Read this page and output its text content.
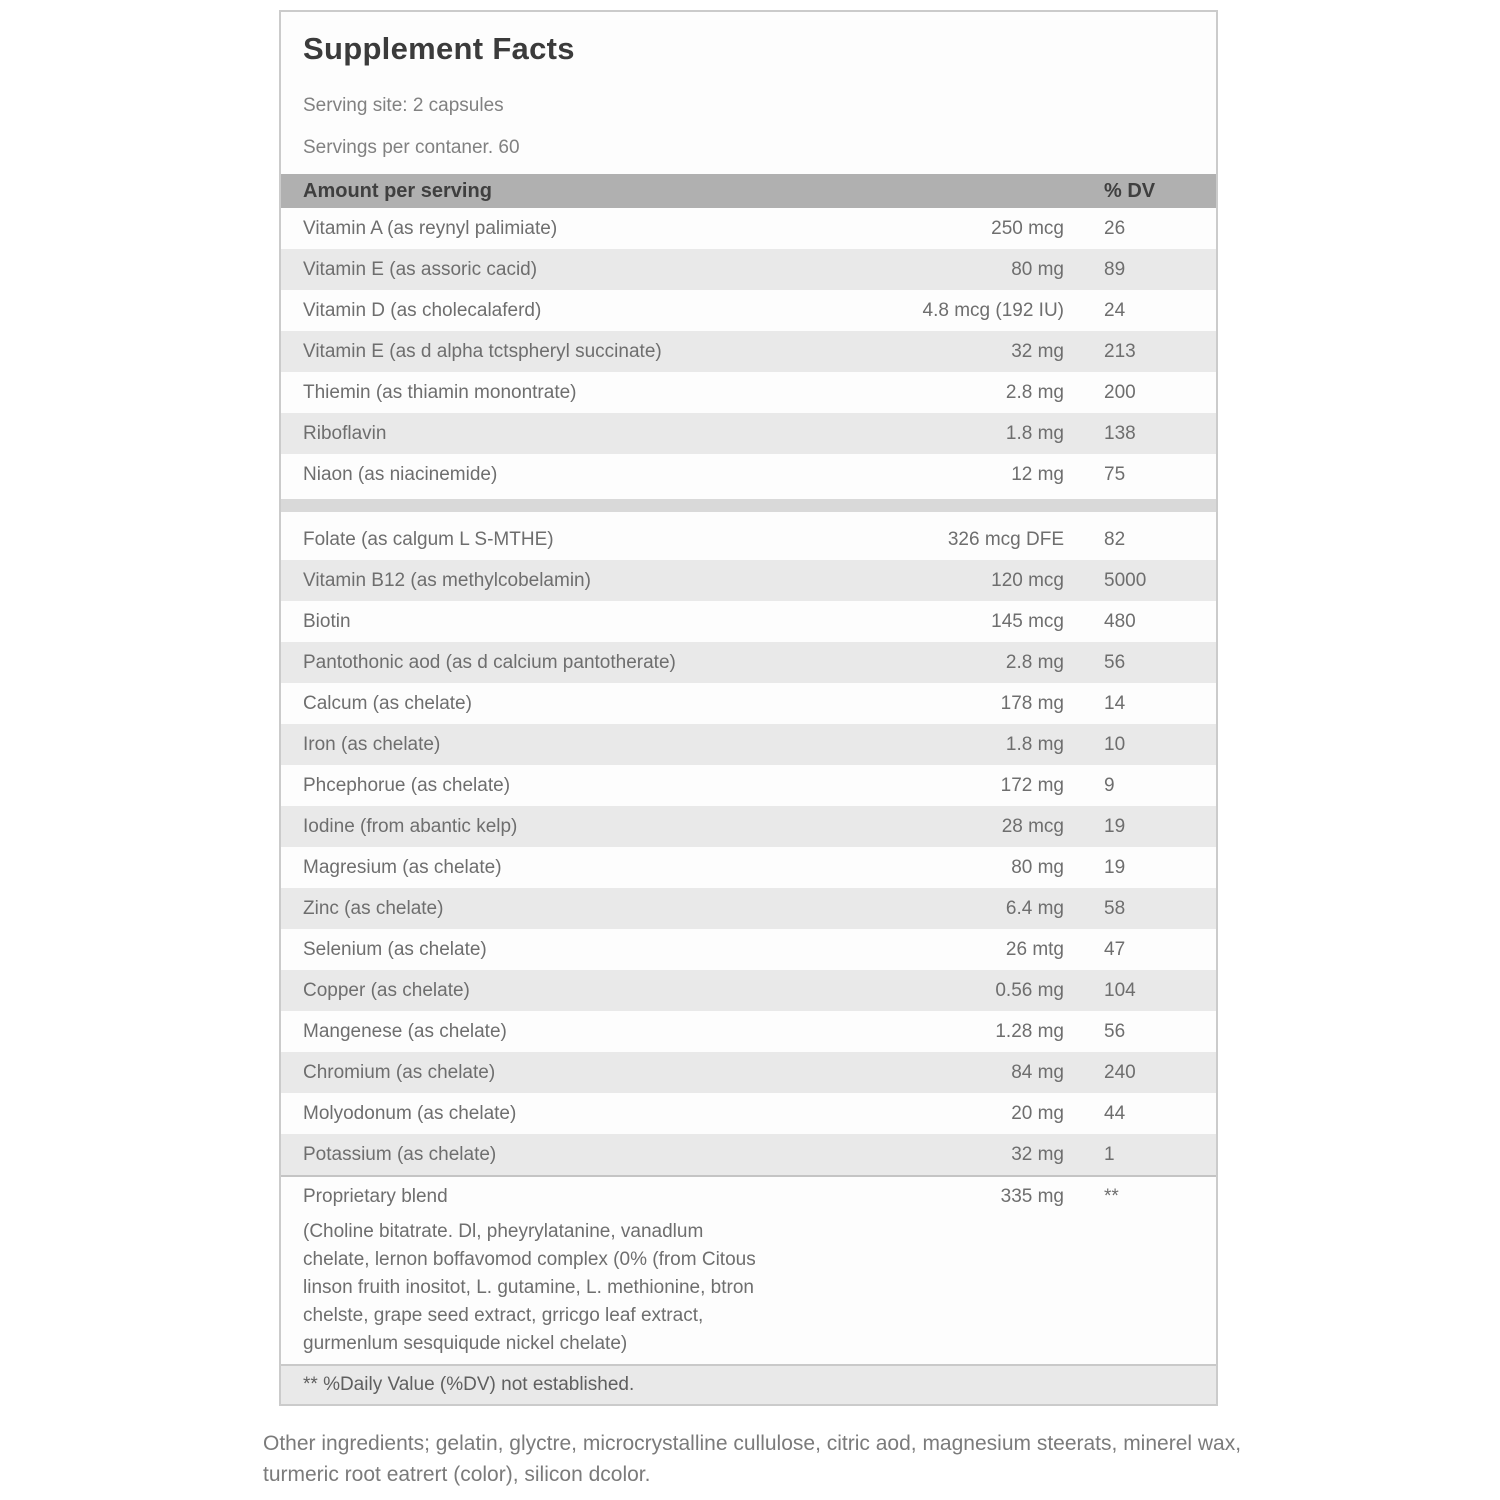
Supplement Facts
Serving site: 2 capsules
Servings per contaner. 60
Amount per serving	% DV
Vitamin A (as reynyl palimiate)	250 mcg	26
Vitamin E (as assoric cacid)	80 mg	89
Vitamin D (as cholecalaferd)	4.8 mcg (192 IU)	24
Vitamin E (as d alpha tctspheryl succinate)	32 mg	213
Thiemin (as thiamin monontrate)	2.8 mg	200
Riboflavin	1.8 mg	138
Niaon (as niacinemide)	12 mg	75
Folate (as calgum L S-MTHE)	326 mcg DFE	82
Vitamin B12 (as methylcobelamin)	120 mcg	5000
Biotin	145 mcg	480
Pantothonic aod (as d calcium pantotherate)	2.8 mg	56
Calcum (as chelate)	178 mg	14
Iron (as chelate)	1.8 mg	10
Phcephorue (as chelate)	172 mg	9
Iodine (from abantic kelp)	28 mcg	19
Magresium (as chelate)	80 mg	19
Zinc (as chelate)	6.4 mg	58
Selenium (as chelate)	26 mtg	47
Copper (as chelate)	0.56 mg	104
Mangenese (as chelate)	1.28 mg	56
Chromium (as chelate)	84 mg	240
Molyodonum (as chelate)	20 mg	44
Potassium (as chelate)	32 mg	1
Proprietary blend	335 mg	**
(Choline bitatrate. Dl, pheyrylatanine, vanadlum
chelate, lernon boffavomod complex (0% (from Citous
linson fruith inositot, L. gutamine, L. methionine, btron
chelste, grape seed extract, grricgo leaf extract,
gurmenlum sesquiqude nickel chelate)
** %Daily Value (%DV) not established.
Other ingredients; gelatin, glyctre, microcrystalline cullulose, citric aod, magnesium steerats, minerel wax,
turmeric root eatrert (color), silicon dcolor.
